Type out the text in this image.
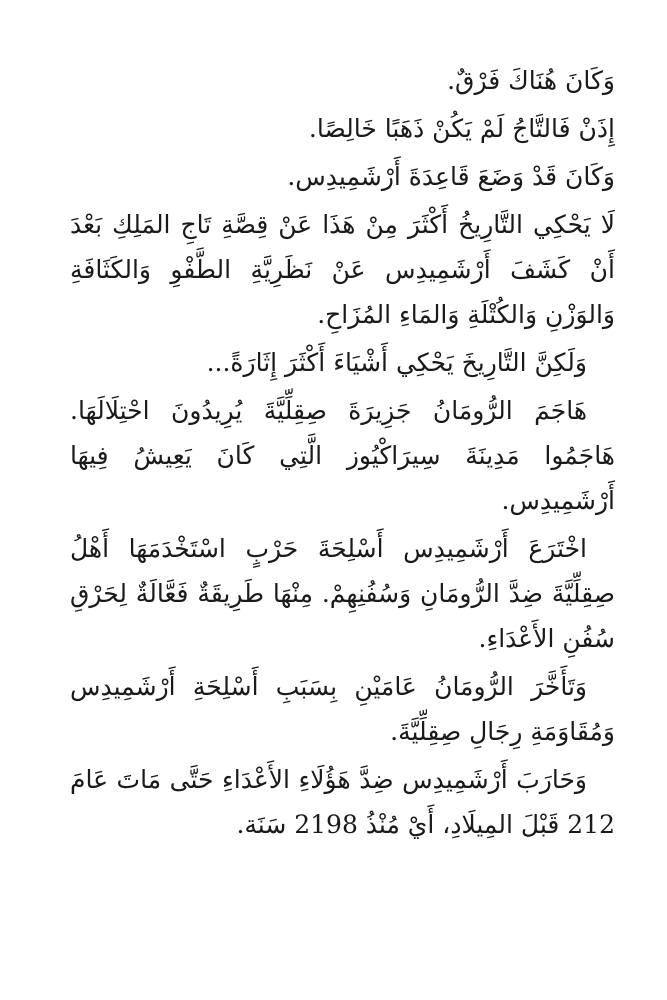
وَكَانَ هُنَاكَ فَرْقٌ.

إِذَنْ فَالتَّاجُ لَمْ يَكُنْ ذَهَبًا خَالِصًا.

وَكَانَ قَدْ وَضَعَ قَاعِدَةَ أَرْشَمِيدِس.

لَا يَحْكِي التَّارِيخُ أَكْثَرَ مِنْ هَذَا عَنْ قِصَّةِ تَاجِ المَلِكِ بَعْدَ أَنْ كَشَفَ أَرْشَمِيدِس عَنْ نَظَرِيَّةِ الطَّفْوِ وَالكَثَافَةِ وَالوَزْنِ وَالكُتْلَةِ وَالمَاءِ المُزَاحِ.

وَلَكِنَّ التَّارِيخَ يَحْكِي أَشْيَاءَ أَكْثَرَ إِثَارَةً...

هَاجَمَ الرُّومَانُ جَزِيرَةَ صِقِلِّيَّةَ يُرِيدُونَ احْتِلَالَهَا. هَاجَمُوا مَدِينَةَ سِيرَاكْيُوز الَّتِي كَانَ يَعِيشُ فِيهَا أَرْشَمِيدِس.

اخْتَرَعَ أَرْشَمِيدِس أَسْلِحَةَ حَرْبٍ اسْتَخْدَمَهَا أَهْلُ صِقِلِّيَّةَ ضِدَّ الرُّومَانِ وَسُفُنِهِمْ. مِنْهَا طَرِيقَةٌ فَعَّالَةٌ لِحَرْقِ سُفُنِ الأَعْدَاءِ.

وَتَأَخَّرَ الرُّومَانُ عَامَيْنِ بِسَبَبِ أَسْلِحَةِ أَرْشَمِيدِس وَمُقَاوَمَةِ رِجَالِ صِقِلِّيَّةَ.

وَحَارَبَ أَرْشَمِيدِس ضِدَّ هَؤُلَاءِ الأَعْدَاءِ حَتَّى مَاتَ عَامَ 212 قَبْلَ المِيلَادِ، أَيْ مُنْذُ 2198 سَنَة.
